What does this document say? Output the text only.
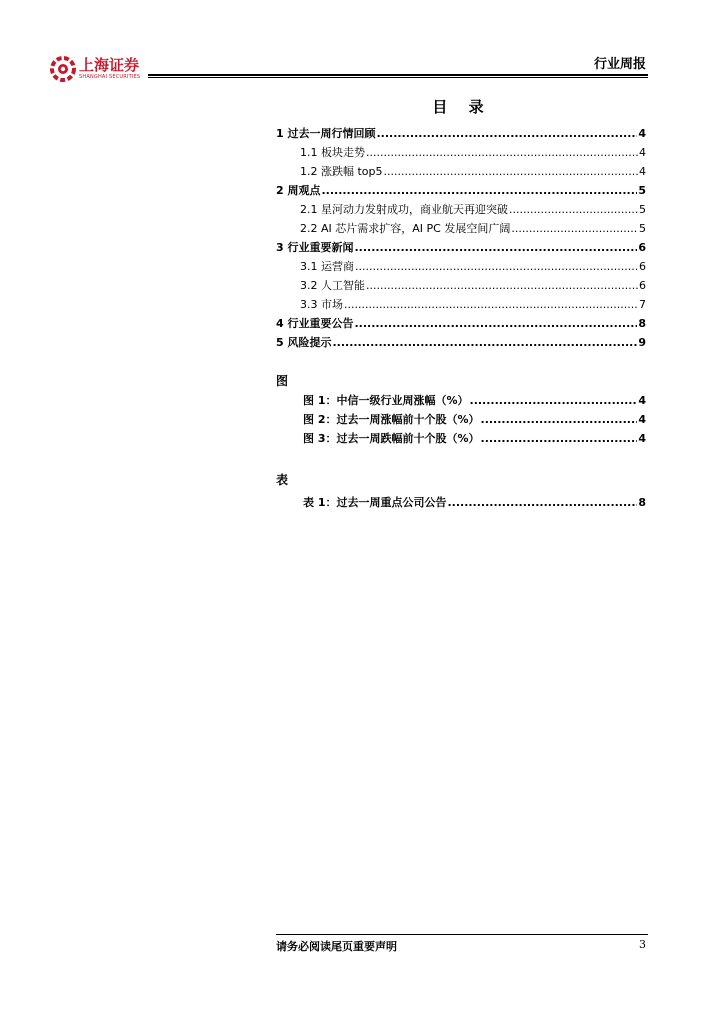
上海证券
SHANGHAI SECURITIES
行业周报
目 录
1 过去一周行情回顾 .....	4
1.1 板块走势 .....	4
1.2 涨跌幅 top5 .....	4
2 周观点 .....	5
2.1 星河动力发射成功，商业航天再迎突破 .....	5
2.2 AI 芯片需求扩容，AI PC 发展空间广阔 .....	5
3 行业重要新闻 .....	6
3.1 运营商 .....	6
3.2 人工智能 .....	6
3.3 市场 .....	7
4 行业重要公告 .....	8
5 风险提示 .....	9
图
图 1：中信一级行业周涨幅（%） .....	4
图 2：过去一周涨幅前十个股（%） .....	4
图 3：过去一周跌幅前十个股（%） .....	4
表
表 1：过去一周重点公司公告 .....	8
请务必阅读尾页重要声明	3
